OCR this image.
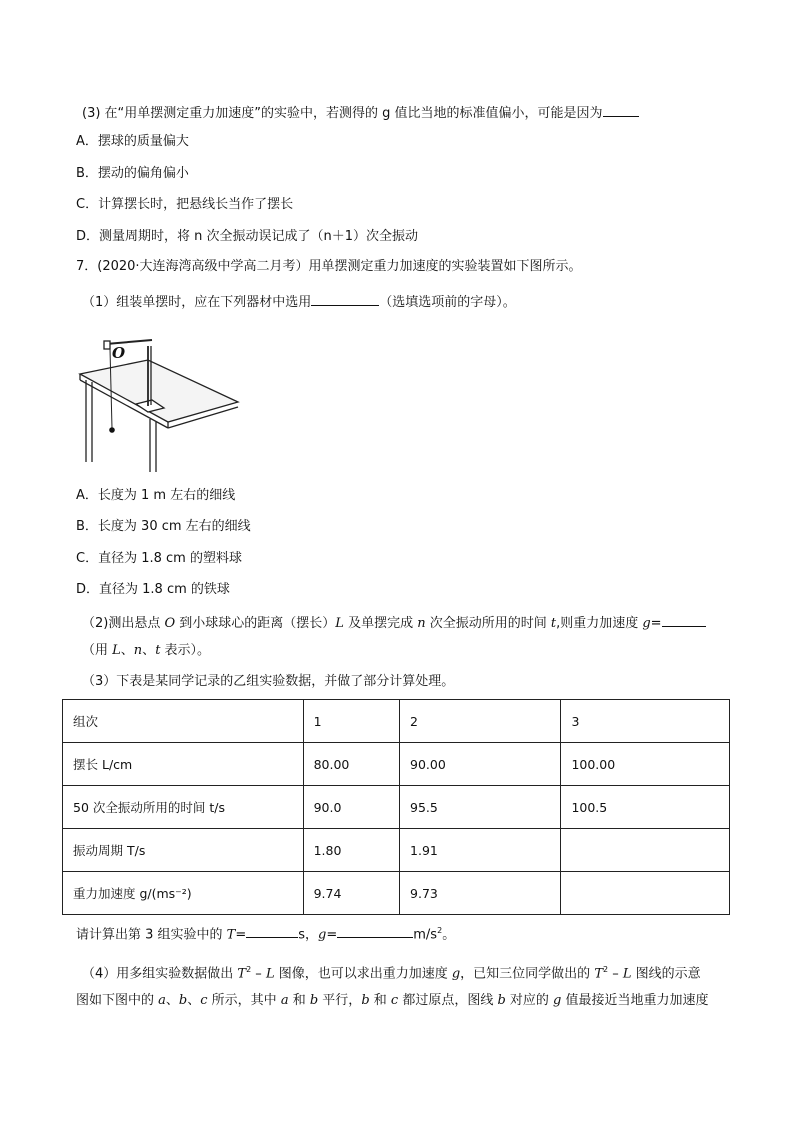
(3) 在“用单摆测定重力加速度”的实验中，若测得的 g 值比当地的标准值偏小，可能是因为
A．摆球的质量偏大
B．摆动的偏角偏小
C．计算摆长时，把悬线长当作了摆长
D．测量周期时，将 n 次全振动误记成了（n＋1）次全振动
7．(2020·大连海湾高级中学高二月考）用单摆测定重力加速度的实验装置如下图所示。
（1）组装单摆时，应在下列器材中选用	（选填选项前的字母）。
O
A．长度为 1 m 左右的细线
B．长度为 30 cm 左右的细线
C．直径为 1.8 cm 的塑料球
D．直径为 1.8 cm 的铁球
（2)测出悬点 O 到小球球心的距离（摆长）L 及单摆完成 n 次全振动所用的时间 t,则重力加速度 g=
（用 L、n、t 表示）。
（3）下表是某同学记录的乙组实验数据，并做了部分计算处理。
组次	1	2	3
摆长 L/cm	80.00	90.00	100.00
50 次全振动所用的时间 t/s	90.0	95.5	100.5
振动周期 T/s	1.80	1.91	
重力加速度 g/(ms⁻²)	9.74	9.73	
请计算出第 3 组实验中的 T=	s，g=	$m/s^2$。
（4）用多组实验数据做出 $T^2$ – L 图像，也可以求出重力加速度 g，已知三位同学做出的 $T^2$ – L 图线的示意
图如下图中的 a、b、c 所示，其中 a 和 b 平行，b 和 c 都过原点，图线 b 对应的 g 值最接近当地重力加速度
